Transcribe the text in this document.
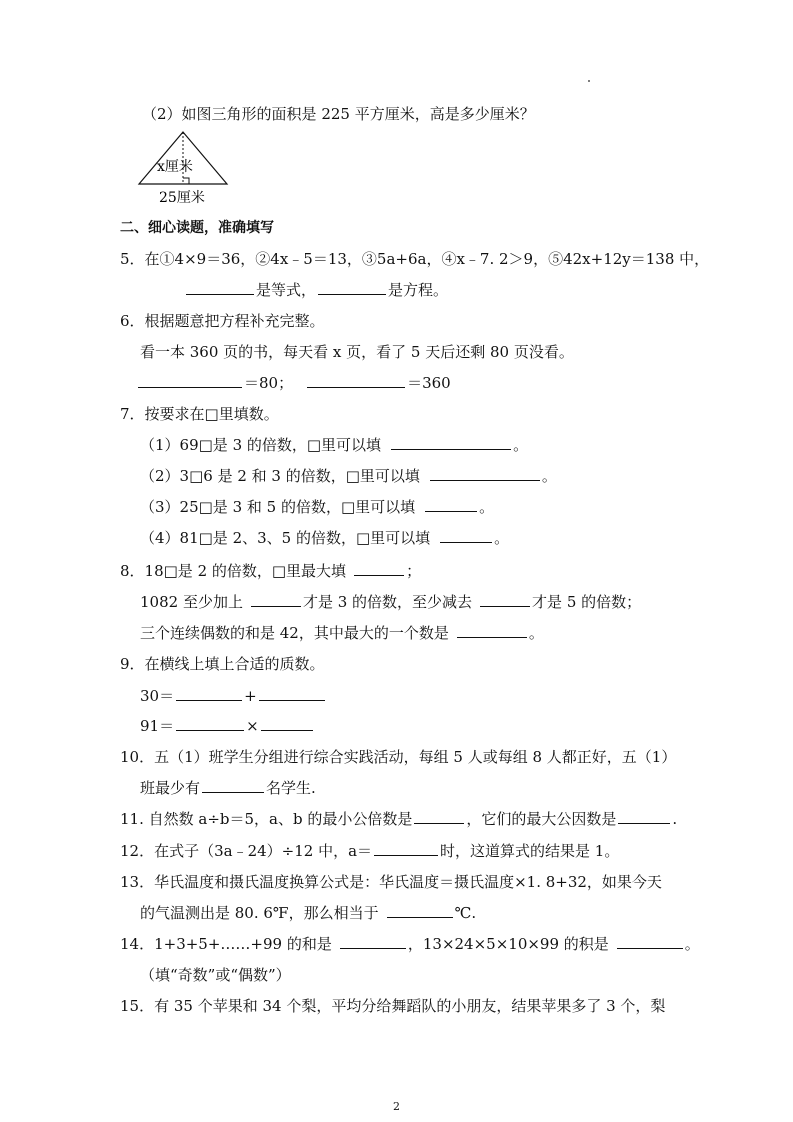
（2）如图三角形的面积是 225 平方厘米，高是多少厘米？
x厘米
25厘米
二、细心读题，准确填写
5．在①4×9＝36，②4x﹣5＝13，③5a+6a，④x﹣7. 2＞9，⑤42x+12y＝138 中，
是等式，	是方程。
6．根据题意把方程补充完整。
看一本 360 页的书，每天看 x 页，看了 5 天后还剩 80 页没看。
＝80；	＝360
7．按要求在□里填数。
（1）69□是 3 的倍数，□里可以填	。
（2）3□6 是 2 和 3 的倍数，□里可以填	。
（3）25□是 3 和 5 的倍数，□里可以填	。
（4）81□是 2、3、5 的倍数，□里可以填	。
8．18□是 2 的倍数，□里最大填	；
1082 至少加上	才是 3 的倍数，至少减去	才是 5 的倍数；
三个连续偶数的和是 42，其中最大的一个数是	。
9．在横线上填上合适的质数。
30＝	+
91＝	×
10．五（1）班学生分组进行综合实践活动，每组 5 人或每组 8 人都正好，五（1）
班最少有	名学生.
11. 自然数 a÷b＝5，a、b 的最小公倍数是	，它们的最大公因数是	.
12．在式子（3a﹣24）÷12 中，a＝	时，这道算式的结果是 1。
13．华氏温度和摄氏温度换算公式是：华氏温度＝摄氏温度×1. 8+32，如果今天
的气温测出是 80. 6℉，那么相当于	℃.
14．1+3+5+……+99 的和是	，13×24×5×10×99 的积是	。
（填“奇数”或“偶数”）
15．有 35 个苹果和 34 个梨，平均分给舞蹈队的小朋友，结果苹果多了 3 个，梨
2
